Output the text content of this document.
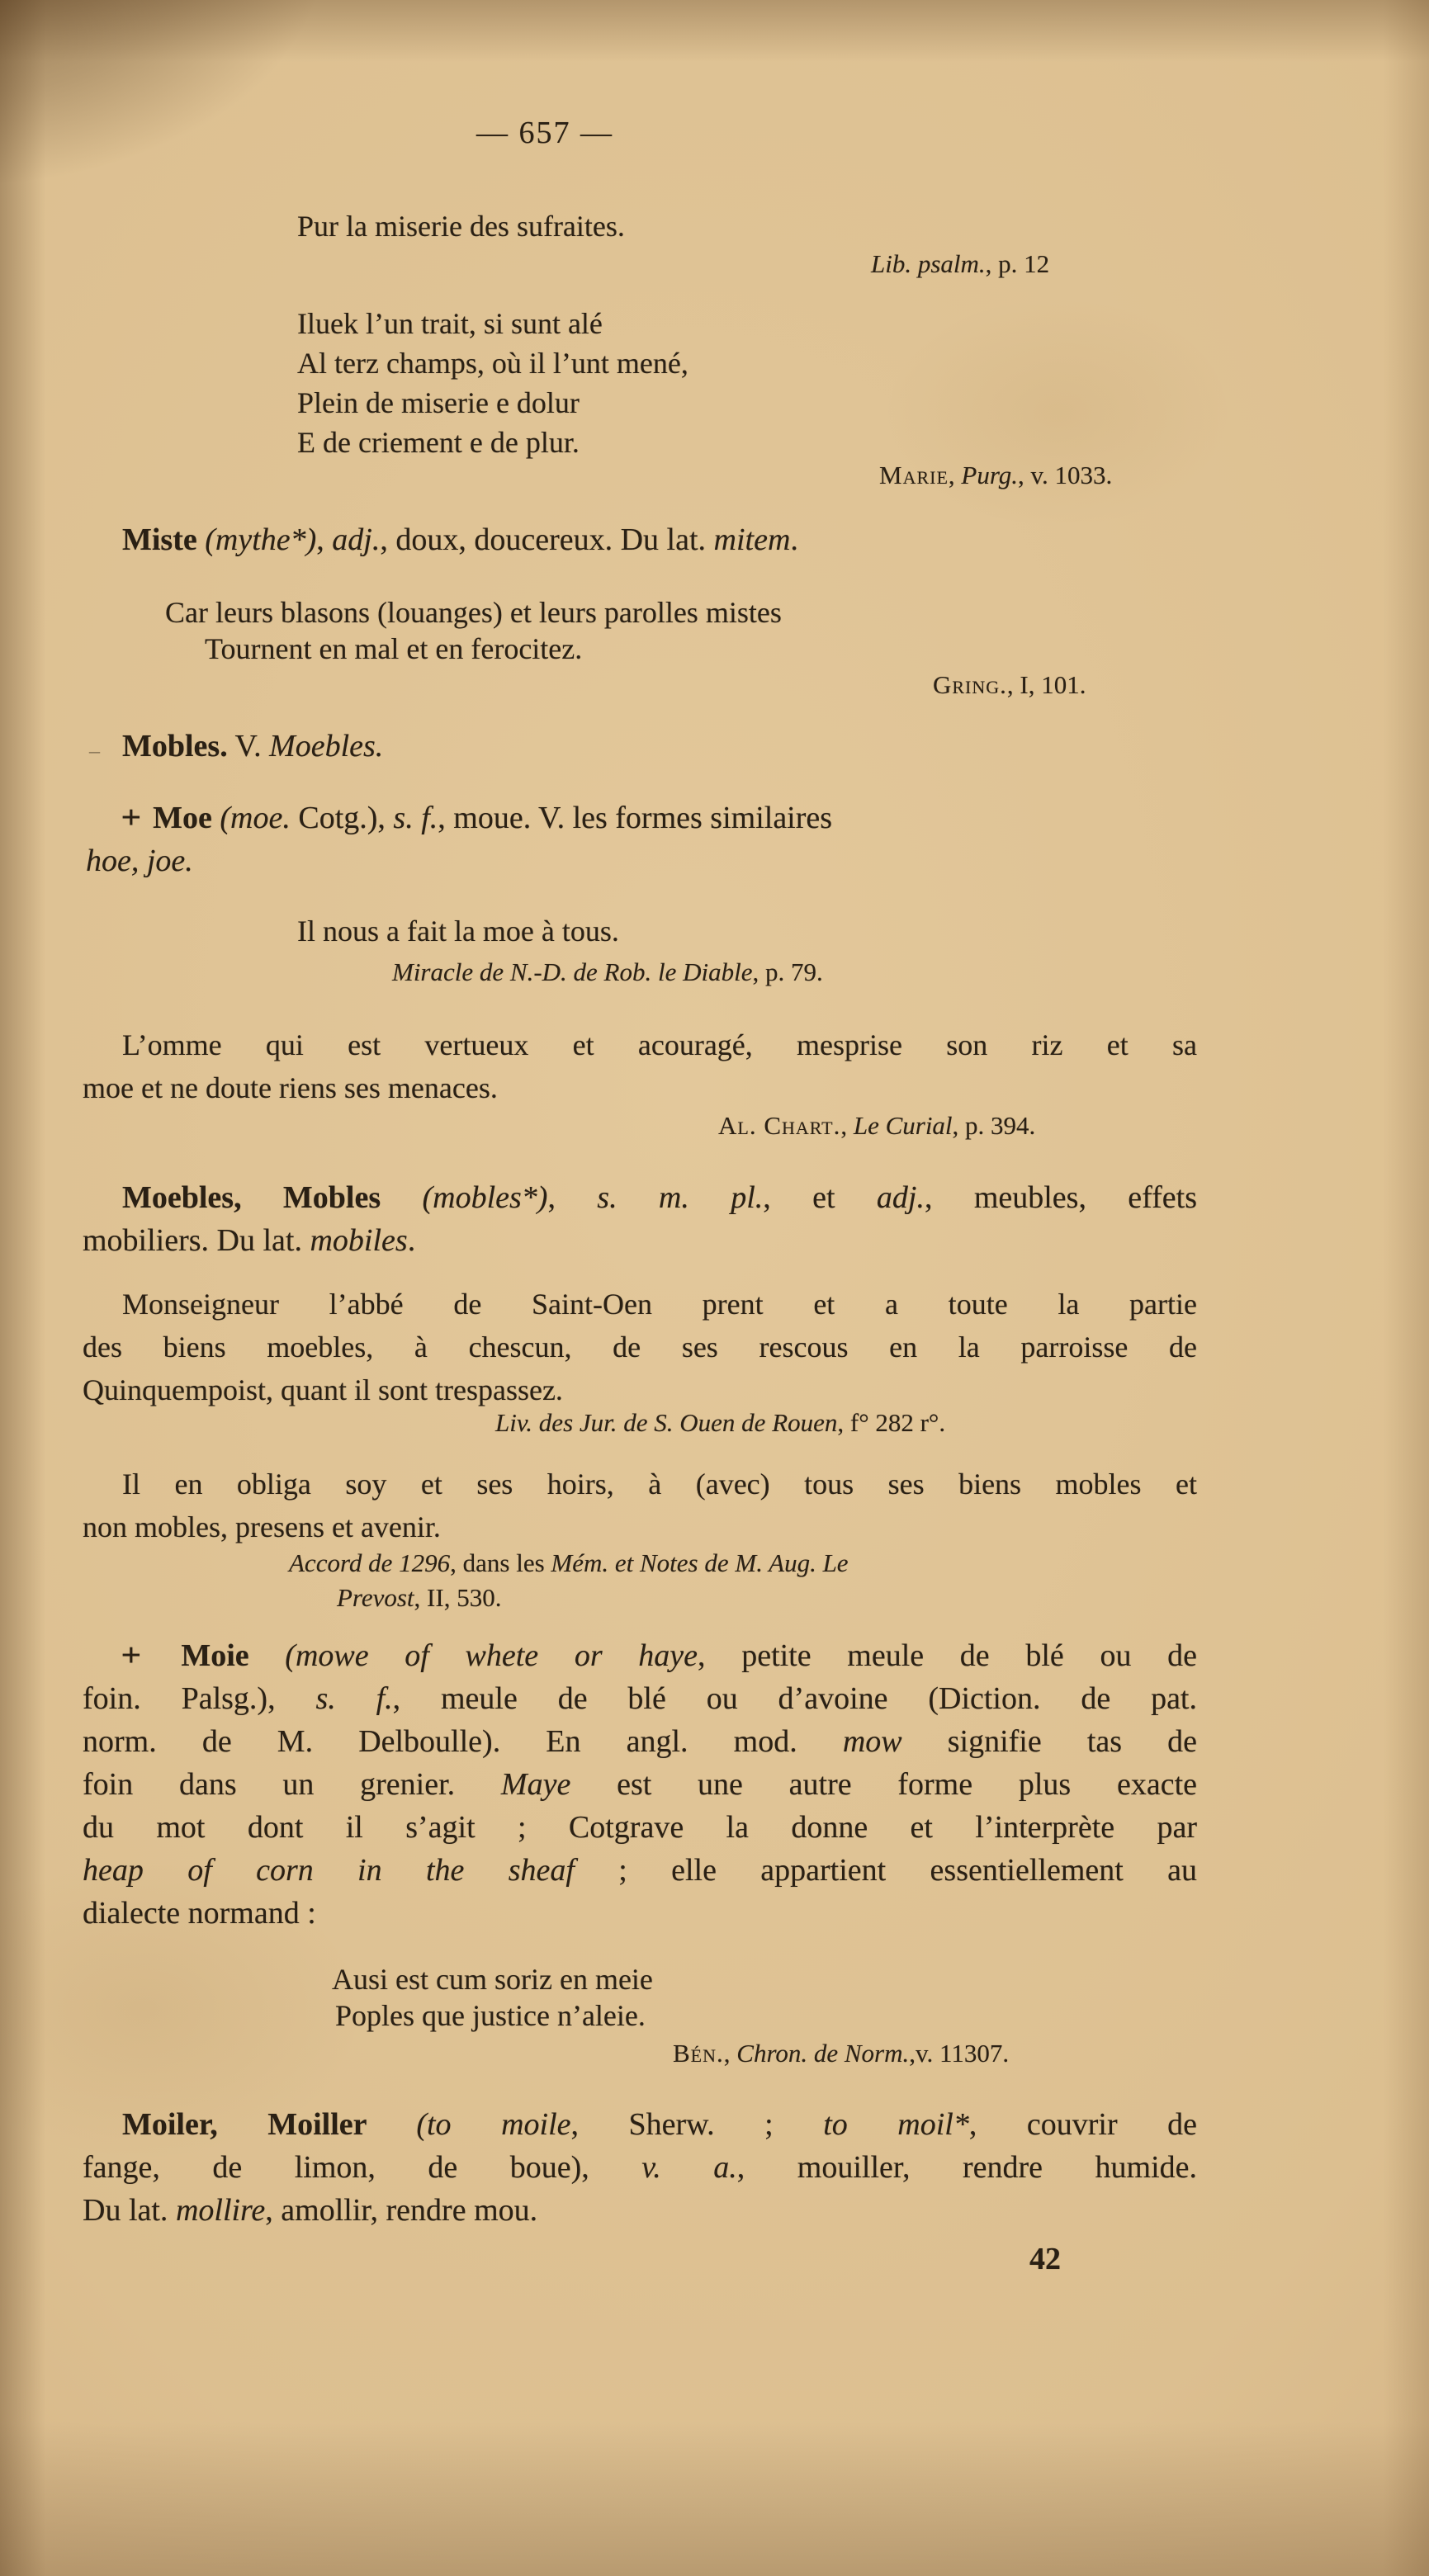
— 657 —
Pur la miserie des sufraites.
Lib. psalm., p. 12
Iluek l’un trait, si sunt alé
Al terz champs, où il l’unt mené,
Plein de miserie e dolur
E de criement e de plur.
Marie, Purg., v. 1033.
Miste (mythe*), adj., doux, doucereux. Du lat. mitem.
Car leurs blasons (louanges) et leurs parolles mistes
Tournent en mal et en ferocitez.
Gring., I, 101.
– Mobles. V. Moebles.
+ Moe (moe. Cotg.), s. f., moue. V. les formes similaires
hoe, joe.
Il nous a fait la moe à tous.
Miracle de N.-D. de Rob. le Diable, p. 79.
L’omme qui est vertueux et acouragé, mesprise son riz et sa
moe et ne doute riens ses menaces.
Al. Chart., Le Curial, p. 394.
Moebles, Mobles (mobles*), s. m. pl., et adj., meubles, effets
mobiliers. Du lat. mobiles.
Monseigneur l’abbé de Saint-Oen prent et a toute la partie
des biens moebles, à chescun, de ses rescous en la parroisse de
Quinquempoist, quant il sont trespassez.
Liv. des Jur. de S. Ouen de Rouen, f° 282 r°.
Il en obliga soy et ses hoirs, à (avec) tous ses biens mobles et
non mobles, presens et avenir.
Accord de 1296, dans les Mém. et Notes de M. Aug. Le
Prevost, II, 530.
+ Moie (mowe of whete or haye, petite meule de blé ou de
foin. Palsg.), s. f., meule de blé ou d’avoine (Diction. de pat.
norm. de M. Delboulle). En angl. mod. mow signifie tas de
foin dans un grenier. Maye est une autre forme plus exacte
du mot dont il s’agit ; Cotgrave la donne et l’interprète par
heap of corn in the sheaf ; elle appartient essentiellement au
dialecte normand :
Ausi est cum soriz en meie
Poples que justice n’aleie.
Bén., Chron. de Norm.,v. 11307.
Moiler, Moiller (to moile, Sherw. ; to moil*, couvrir de
fange, de limon, de boue), v. a., mouiller, rendre humide.
Du lat. mollire, amollir, rendre mou.
42
